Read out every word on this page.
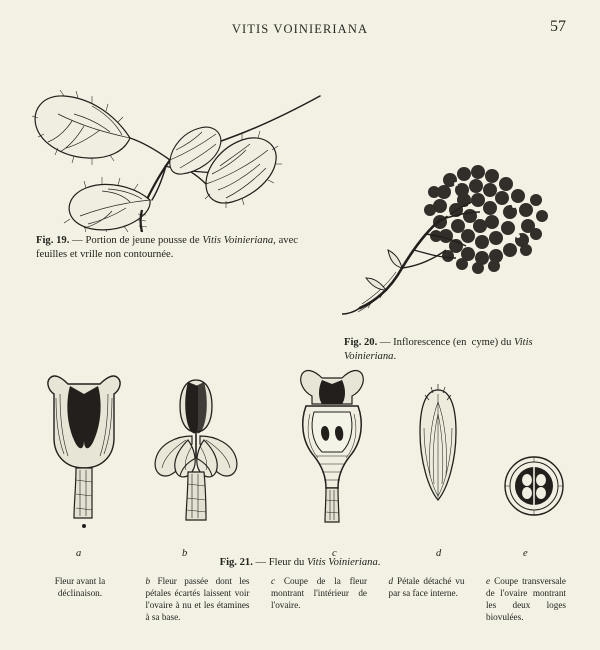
VITIS VOINIERIANA	57
Fig. 19. — Portion de jeune pousse de Vitis Voinieriana, avec feuilles et vrille non contournée.
Fig. 20. — Inflorescence (en  cyme) du Vitis Voinieriana.
a	b	c	d	e
Fig. 21. — Fleur du Vitis Voinieriana.
Fleur avant la déclinaison.
b Fleur passée dont les pétales écartés laissent voir l'ovaire à nu et les étamines à sa base.
c Coupe de la fleur montrant l'intérieur de l'ovaire.
d Pétale détaché vu par sa face interne.
e Coupe transversale de l'ovaire montrant les deux loges biovulées.
